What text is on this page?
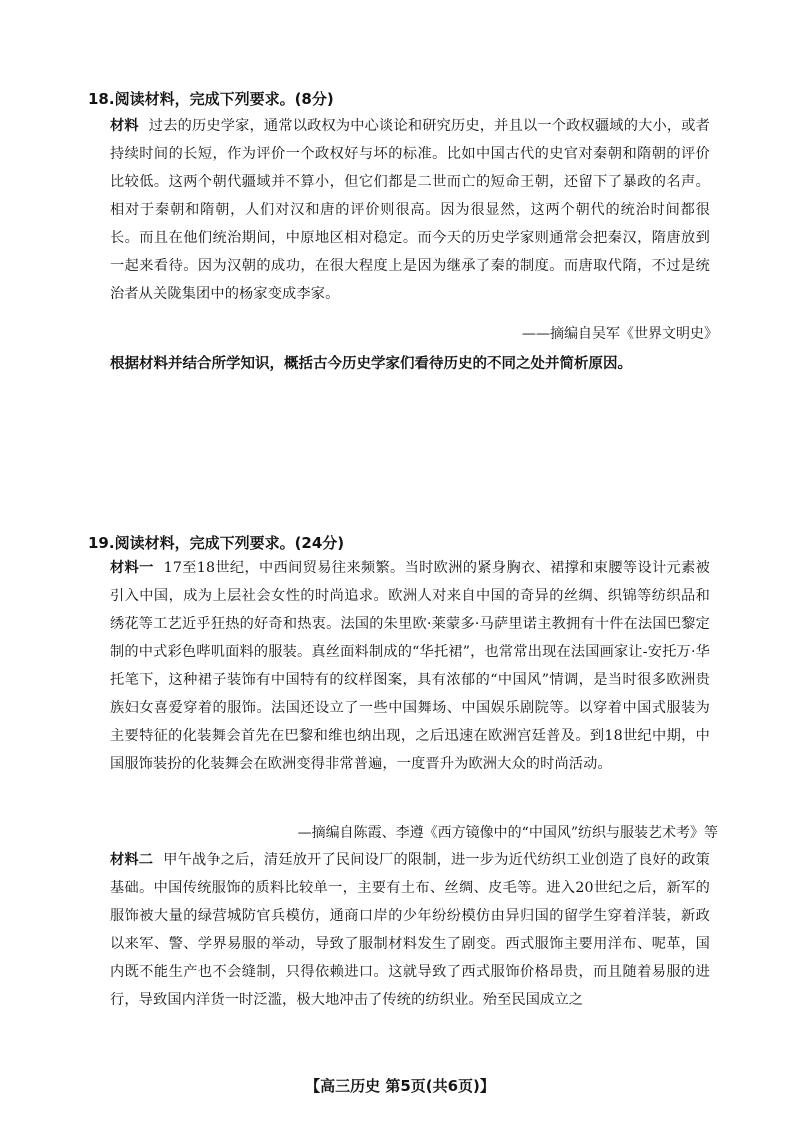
18.阅读材料，完成下列要求。(8分)
材料 过去的历史学家，通常以政权为中心谈论和研究历史，并且以一个政权疆域的大小，或者持续时间的长短，作为评价一个政权好与坏的标准。比如中国古代的史官对秦朝和隋朝的评价比较低。这两个朝代疆域并不算小，但它们都是二世而亡的短命王朝，还留下了暴政的名声。相对于秦朝和隋朝，人们对汉和唐的评价则很高。因为很显然，这两个朝代的统治时间都很长。而且在他们统治期间，中原地区相对稳定。而今天的历史学家则通常会把秦汉，隋唐放到一起来看待。因为汉朝的成功，在很大程度上是因为继承了秦的制度。而唐取代隋，不过是统治者从关陇集团中的杨家变成李家。
——摘编自吴军《世界文明史》
根据材料并结合所学知识，概括古今历史学家们看待历史的不同之处并简析原因。
19.阅读材料，完成下列要求。(24分)
材料一 17至18世纪，中西间贸易往来频繁。当时欧洲的紧身胸衣、裙撑和束腰等设计元素被引入中国，成为上层社会女性的时尚追求。欧洲人对来自中国的奇异的丝绸、织锦等纺织品和绣花等工艺近乎狂热的好奇和热衷。法国的朱里欧·莱蒙多·马萨里诺主教拥有十件在法国巴黎定制的中式彩色哔叽面料的服装。真丝面料制成的“华托裙”，也常常出现在法国画家让-安托万·华托笔下，这种裙子装饰有中国特有的纹样图案，具有浓郁的“中国风”情调，是当时很多欧洲贵族妇女喜爱穿着的服饰。法国还设立了一些中国舞场、中国娱乐剧院等。以穿着中国式服装为主要特征的化装舞会首先在巴黎和维也纳出现，之后迅速在欧洲宫廷普及。到18世纪中期，中国服饰装扮的化装舞会在欧洲变得非常普遍，一度晋升为欧洲大众的时尚活动。
—摘编自陈霞、李遵《西方镜像中的“中国风”纺织与服装艺术考》等
材料二 甲午战争之后，清廷放开了民间设厂的限制，进一步为近代纺织工业创造了良好的政策基础。中国传统服饰的质料比较单一，主要有土布、丝绸、皮毛等。进入20世纪之后，新军的服饰被大量的绿营城防官兵模仿，通商口岸的少年纷纷模仿由异归国的留学生穿着洋装，新政以来军、警、学界易服的举动，导致了服制材料发生了剧变。西式服饰主要用洋布、呢革，国内既不能生产也不会缝制，只得依赖进口。这就导致了西式服饰价格昂贵，而且随着易服的进行，导致国内洋货一时泛滥，极大地冲击了传统的纺织业。殆至民国成立之
【高三历史 第5页(共6页)】
